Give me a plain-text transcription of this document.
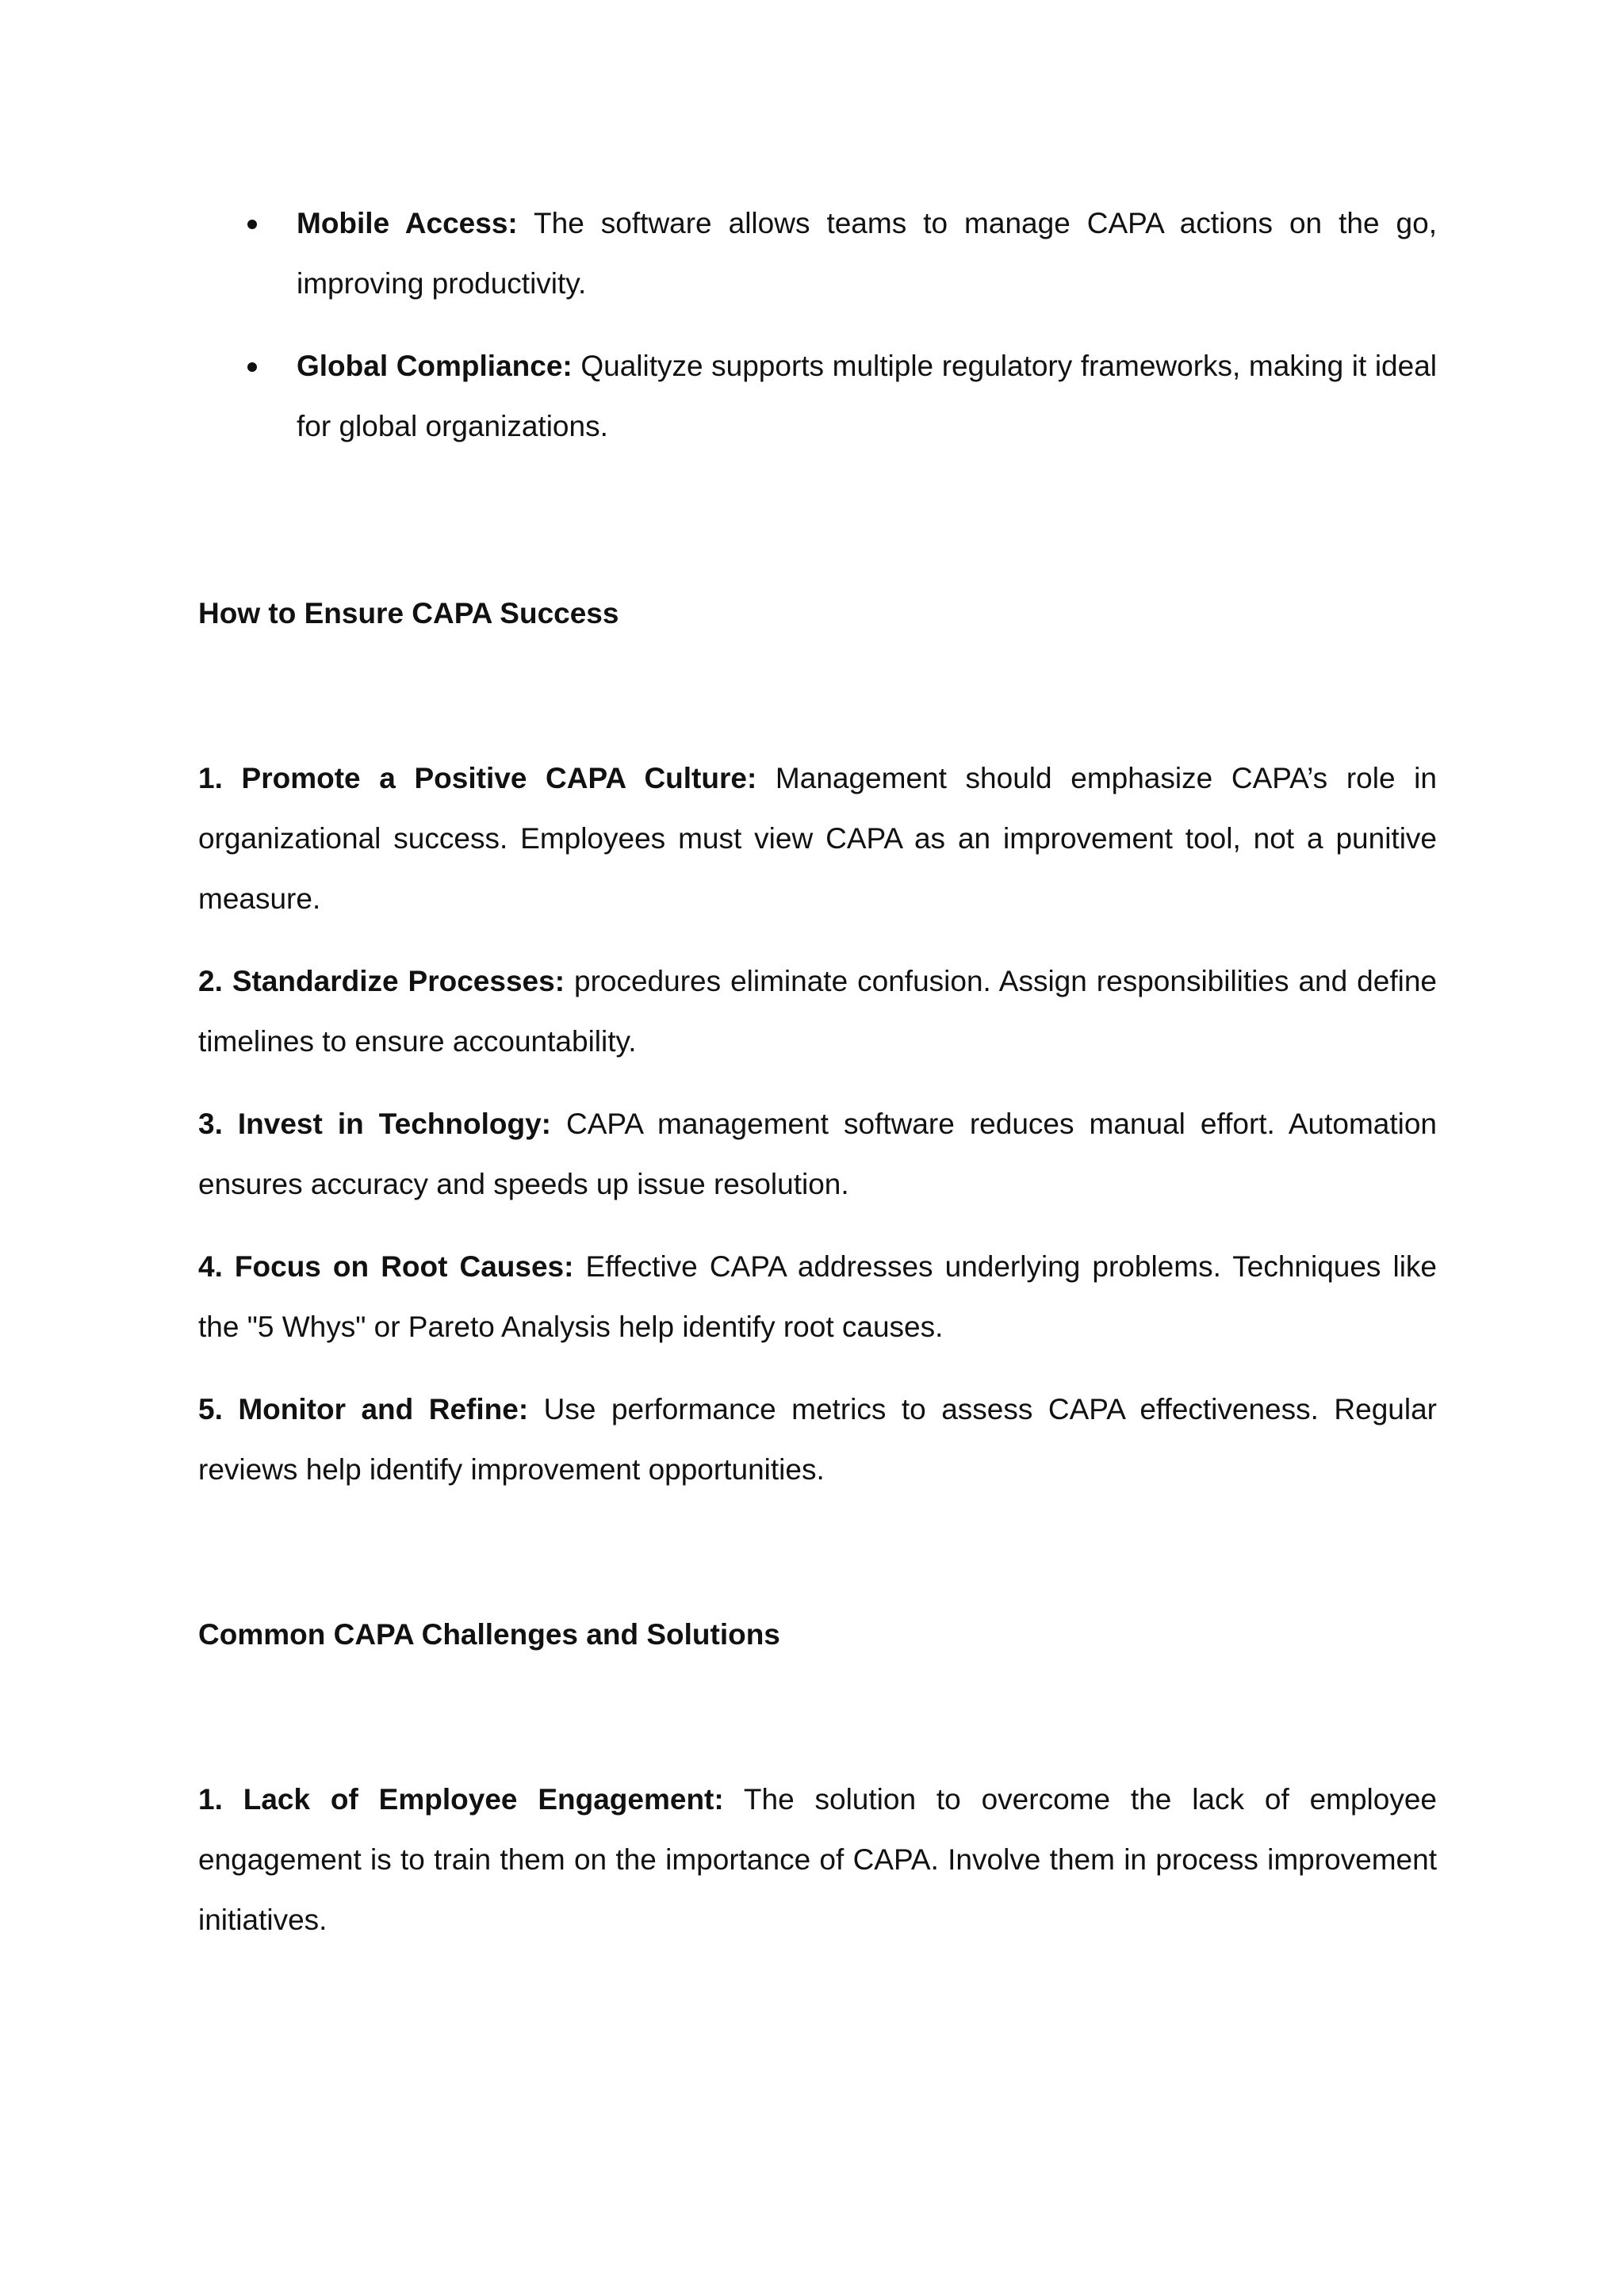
Mobile Access: The software allows teams to manage CAPA actions on the go, improving productivity.

Global Compliance: Qualityze supports multiple regulatory frameworks, making it ideal for global organizations.

How to Ensure CAPA Success

1. Promote a Positive CAPA Culture: Management should emphasize CAPA’s role in organizational success. Employees must view CAPA as an improvement tool, not a punitive measure.

2. Standardize Processes: procedures eliminate confusion. Assign responsibilities and define timelines to ensure accountability.

3. Invest in Technology: CAPA management software reduces manual effort. Automation ensures accuracy and speeds up issue resolution.

4. Focus on Root Causes: Effective CAPA addresses underlying problems. Techniques like the "5 Whys" or Pareto Analysis help identify root causes.

5. Monitor and Refine: Use performance metrics to assess CAPA effectiveness. Regular reviews help identify improvement opportunities.

Common CAPA Challenges and Solutions

1. Lack of Employee Engagement: The solution to overcome the lack of employee engagement is to train them on the importance of CAPA. Involve them in process improvement initiatives.
